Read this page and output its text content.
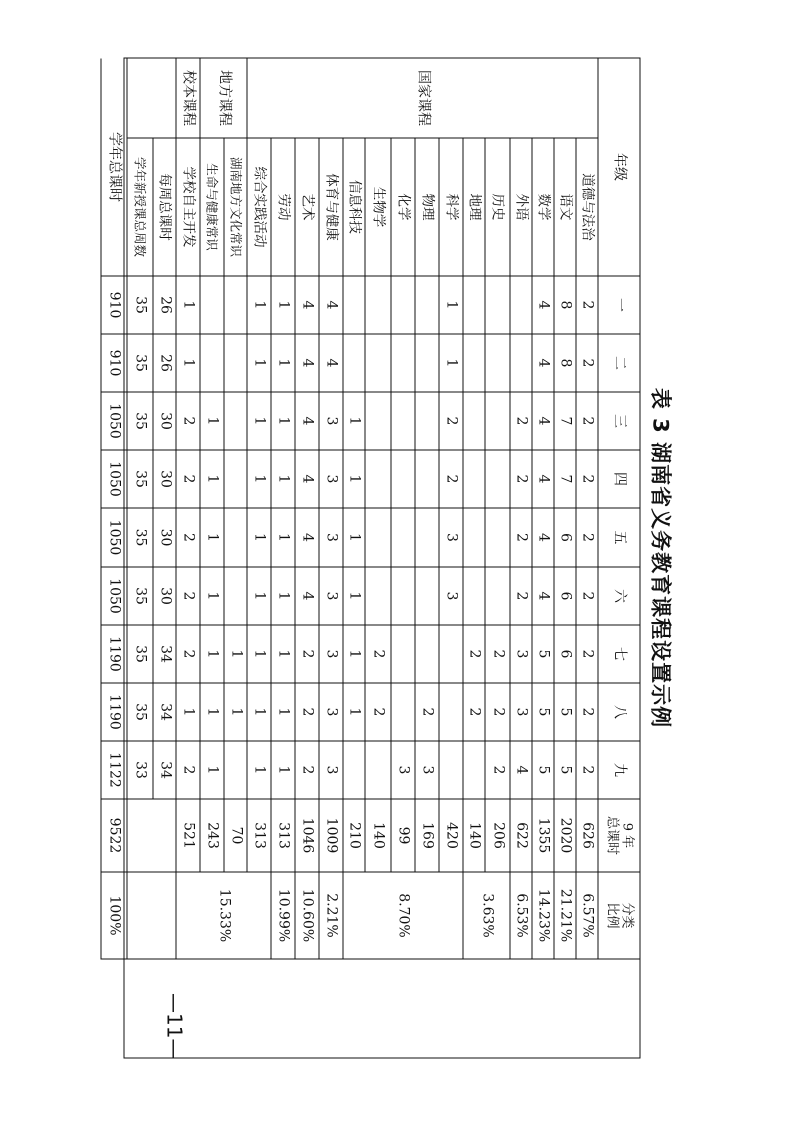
表 3 湖南省义务教育课程设置示例
年级
一
二
三
四
五
六
七
八
九
9 年
总课时
分类
比例
国家课程
地方课程
校本课程
道德与法治
2
2
2
2
2
2
2
2
2
626
语文
8
8
7
7
6
6
6
5
5
2020
数学
4
4
4
4
4
4
5
5
5
1355
外语
2
2
2
2
3
3
4
622
历史
2
2
2
206
地理
2
2
140
科学
1
1
2
2
3
3
420
物理
2
3
169
化学
3
99
生物学
2
2
140
信息科技
1
1
1
1
1
1
210
体育与健康
4
4
3
3
3
3
3
3
3
1009
艺术
4
4
4
4
4
4
2
2
2
1046
劳动
1
1
1
1
1
1
1
1
1
313
综合实践活动
1
1
1
1
1
1
1
1
1
313
湖南地方文化常识
1
1
70
生命与健康常识
1
1
1
1
1
1
1
243
学校自主开发
1
1
2
2
2
2
2
1
2
521
6.57%
21.21%
14.23%
6.53%
3.63%
8.70%
2.21%
10.60%
10.99%
15.33%
每周总课时
26
26
30
30
30
30
34
34
34
学年新授课总周数
35
35
35
35
35
35
35
35
33
学年总课时
910
910
1050
1050
1050
1050
1190
1190
1122
9522
100%
—11—
